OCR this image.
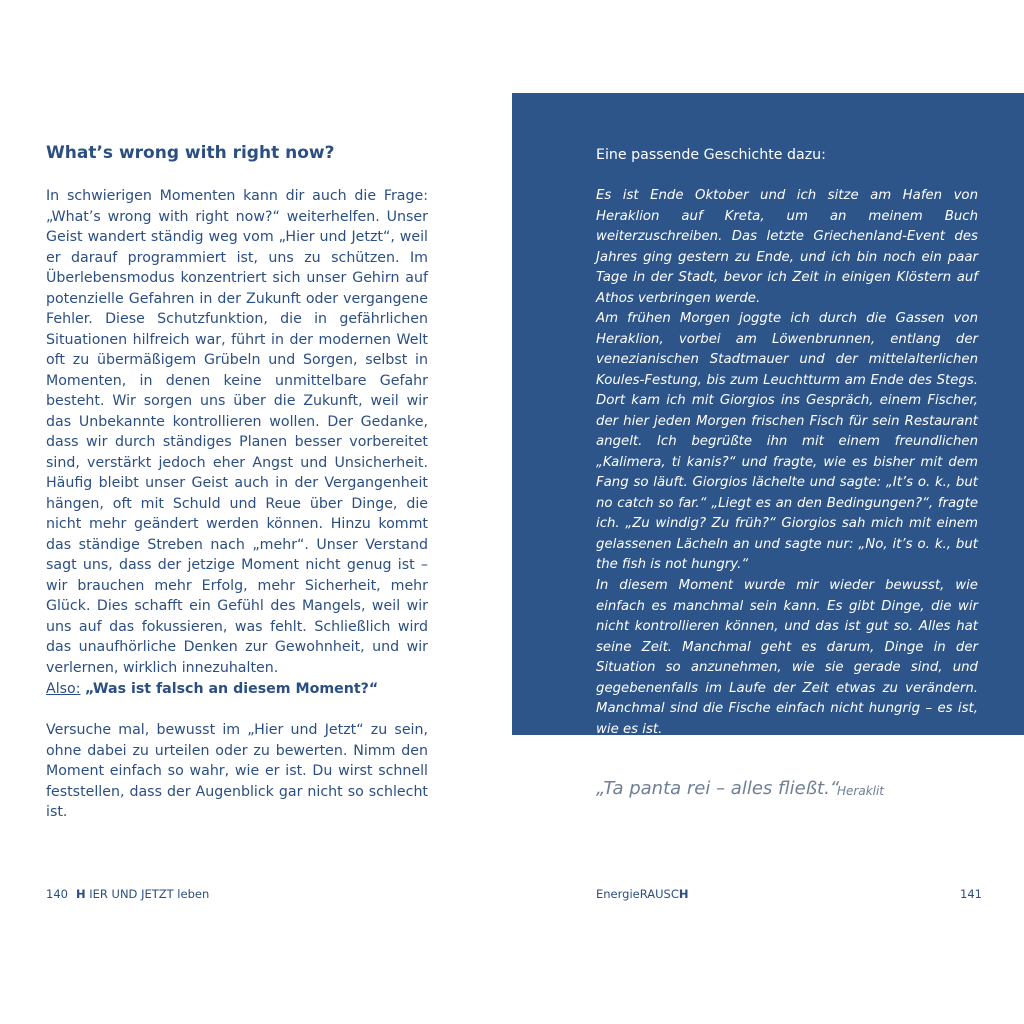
What’s wrong with right now?

In schwierigen Momenten kann dir auch die Frage: „What’s wrong with right now?“ weiterhelfen. Unser Geist wandert ständig weg vom „Hier und Jetzt“, weil er darauf programmiert ist, uns zu schützen. Im Überlebensmodus konzentriert sich unser Gehirn auf potenzielle Gefahren in der Zukunft oder vergangene Fehler. Diese Schutzfunktion, die in gefährlichen Situationen hilfreich war, führt in der modernen Welt oft zu übermäßigem Grübeln und Sorgen, selbst in Momenten, in denen keine unmittelbare Gefahr besteht. Wir sorgen uns über die Zukunft, weil wir das Unbekannte kontrollieren wollen. Der Gedanke, dass wir durch ständiges Planen besser vorbereitet sind, verstärkt jedoch eher Angst und Unsicherheit. Häufig bleibt unser Geist auch in der Vergangenheit hängen, oft mit Schuld und Reue über Dinge, die nicht mehr geändert werden können. Hinzu kommt das ständige Streben nach „mehr“. Unser Verstand sagt uns, dass der jetzige Moment nicht genug ist – wir brauchen mehr Erfolg, mehr Sicherheit, mehr Glück. Dies schafft ein Gefühl des Mangels, weil wir uns auf das fokussieren, was fehlt. Schließlich wird das unaufhörliche Denken zur Gewohnheit, und wir verlernen, wirklich innezuhalten.

Also: „Was ist falsch an diesem Moment?“

Versuche mal, bewusst im „Hier und Jetzt“ zu sein, ohne dabei zu urteilen oder zu bewerten. Nimm den Moment einfach so wahr, wie er ist. Du wirst schnell feststellen, dass der Augenblick gar nicht so schlecht ist.

140 H IER UND JETZT leben

Eine passende Geschichte dazu:

Es ist Ende Oktober und ich sitze am Hafen von Heraklion auf Kreta, um an meinem Buch weiterzuschreiben. Das letzte Griechenland-Event des Jahres ging gestern zu Ende, und ich bin noch ein paar Tage in der Stadt, bevor ich Zeit in einigen Klöstern auf Athos verbringen werde.

Am frühen Morgen joggte ich durch die Gassen von Heraklion, vorbei am Löwenbrunnen, entlang der venezianischen Stadtmauer und der mittelalterlichen Koules-Festung, bis zum Leuchtturm am Ende des Stegs. Dort kam ich mit Giorgios ins Gespräch, einem Fischer, der hier jeden Morgen frischen Fisch für sein Restaurant angelt. Ich begrüßte ihn mit einem freundlichen „Kalimera, ti kanis?“ und fragte, wie es bisher mit dem Fang so läuft. Giorgios lächelte und sagte: „It’s o. k., but no catch so far.“ „Liegt es an den Bedingungen?“, fragte ich. „Zu windig? Zu früh?“ Giorgios sah mich mit einem gelassenen Lächeln an und sagte nur: „No, it’s o. k., but the fish is not hungry.“

In diesem Moment wurde mir wieder bewusst, wie einfach es manchmal sein kann. Es gibt Dinge, die wir nicht kontrollieren können, und das ist gut so. Alles hat seine Zeit. Manchmal geht es darum, Dinge in der Situation so anzunehmen, wie sie gerade sind, und gegebenenfalls im Laufe der Zeit etwas zu verändern. Manchmal sind die Fische einfach nicht hungrig – es ist, wie es ist.

„Ta panta rei – alles fließt.“

Heraklit

EnergieRAUSCH	141
